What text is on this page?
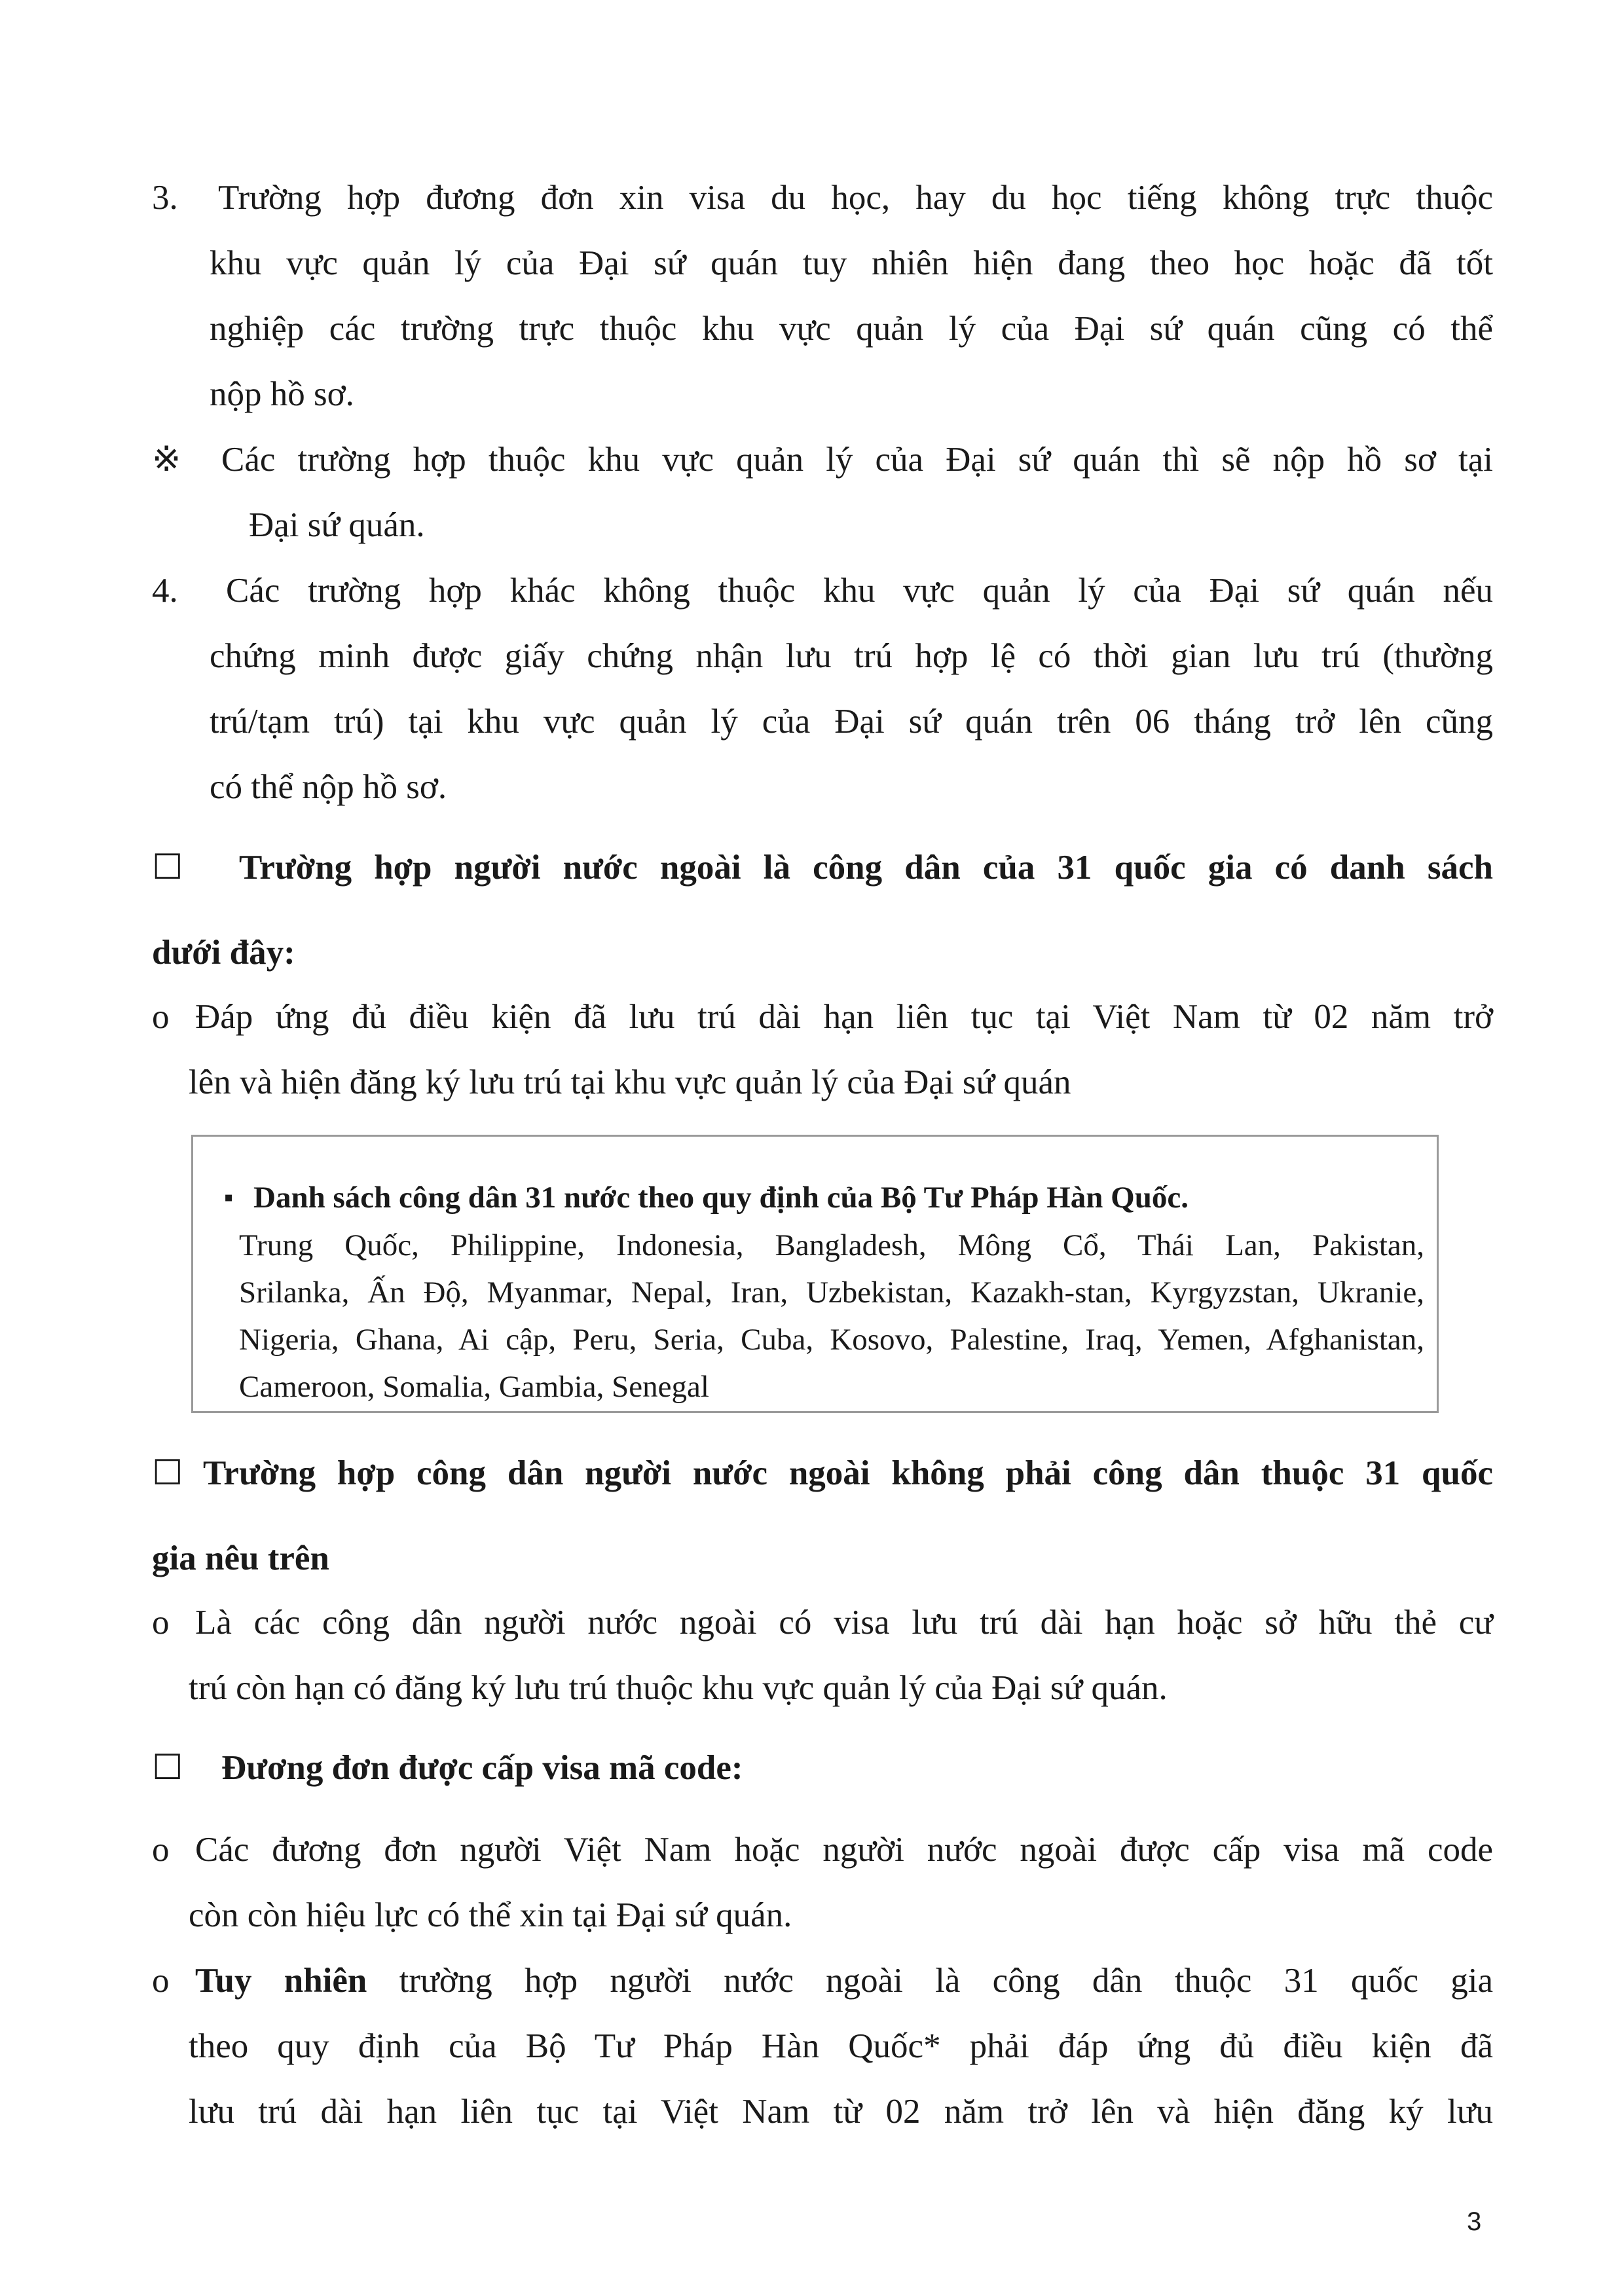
3. Trường hợp đương đơn xin visa du học, hay du học tiếng không trực thuộc
khu vực quản lý của Đại sứ quán tuy nhiên hiện đang theo học hoặc đã tốt
nghiệp các trường trực thuộc khu vực quản lý của Đại sứ quán cũng có thể
nộp hồ sơ.
※ Các trường hợp thuộc khu vực quản lý của Đại sứ quán thì sẽ nộp hồ sơ tại
Đại sứ quán.
4. Các trường hợp khác không thuộc khu vực quản lý của Đại sứ quán nếu
chứng minh được giấy chứng nhận lưu trú hợp lệ có thời gian lưu trú (thường
trú/tạm trú) tại khu vực quản lý của Đại sứ quán trên 06 tháng trở lên cũng
có thể nộp hồ sơ.
☐ Trường hợp người nước ngoài là công dân của 31 quốc gia có danh sách
dưới đây:
o Đáp ứng đủ điều kiện đã lưu trú dài hạn liên tục tại Việt Nam từ 02 năm trở
lên và hiện đăng ký lưu trú tại khu vực quản lý của Đại sứ quán
▪ Danh sách công dân 31 nước theo quy định của Bộ Tư Pháp Hàn Quốc.
Trung Quốc, Philippine, Indonesia, Bangladesh, Mông Cổ, Thái Lan, Pakistan,
Srilanka, Ấn Độ, Myanmar, Nepal, Iran, Uzbekistan, Kazakh-stan, Kyrgyzstan, Ukranie,
Nigeria, Ghana, Ai cập, Peru, Seria, Cuba, Kosovo, Palestine, Iraq, Yemen, Afghanistan,
Cameroon, Somalia, Gambia, Senegal
☐ Trường hợp công dân người nước ngoài không phải công dân thuộc 31 quốc
gia nêu trên
o Là các công dân người nước ngoài có visa lưu trú dài hạn hoặc sở hữu thẻ cư
trú còn hạn có đăng ký lưu trú thuộc khu vực quản lý của Đại sứ quán.
☐ Đương đơn được cấp visa mã code:
o Các đương đơn người Việt Nam hoặc người nước ngoài được cấp visa mã code
còn còn hiệu lực có thể xin tại Đại sứ quán.
o Tuy nhiên trường hợp người nước ngoài là công dân thuộc 31 quốc gia
theo quy định của Bộ Tư Pháp Hàn Quốc* phải đáp ứng đủ điều kiện đã
lưu trú dài hạn liên tục tại Việt Nam từ 02 năm trở lên và hiện đăng ký lưu
3
